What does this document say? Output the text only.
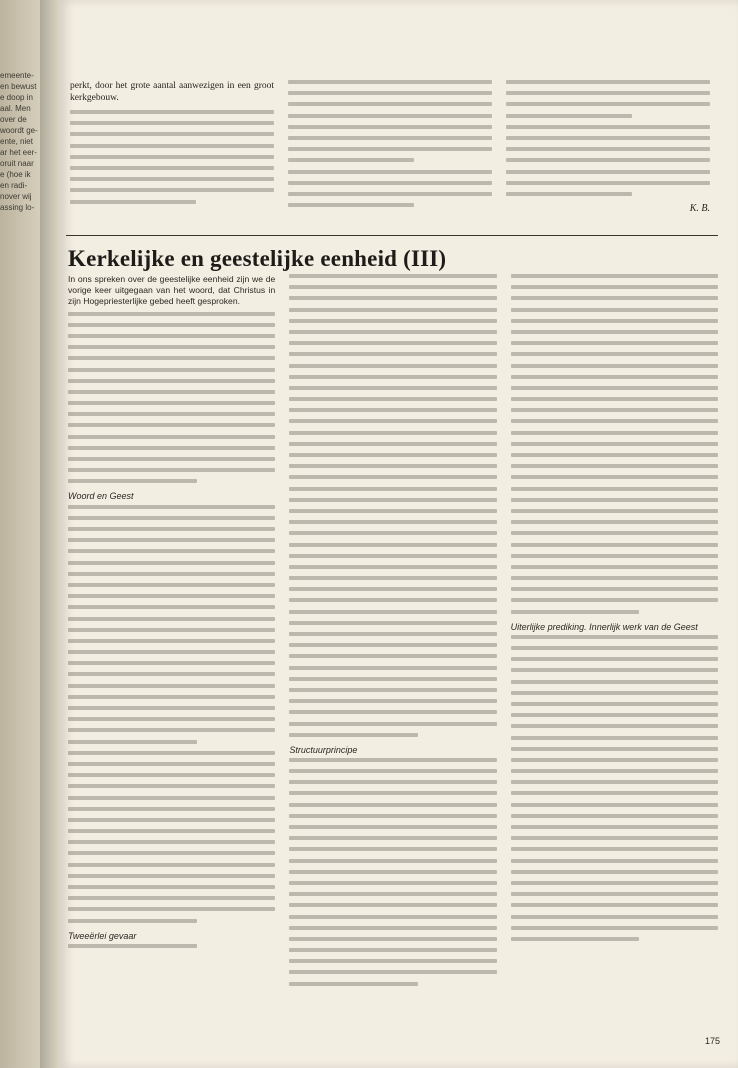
emeente-
en bewust
e doop in
aal. Men
over de
woordt ge-
ente, niet
ar het eer-
oruit naar
e (hoe ik
en radi-
nover wij
assing lo-

perkt, door het grote aantal aanwezigen in een groot kerkgebouw.

K. B.
Kerkelijke en geestelijke eenheid (III)

In ons spreken over de geestelijke eenheid zijn we de vorige keer uitgegaan van het woord, dat Christus in zijn Hogepriesterlijke gebed heeft gesproken.

Woord en Geest
Tweeërlei gevaar
Structuurprincipe
Uiterlijke prediking. Innerlijk werk van de Geest
175
